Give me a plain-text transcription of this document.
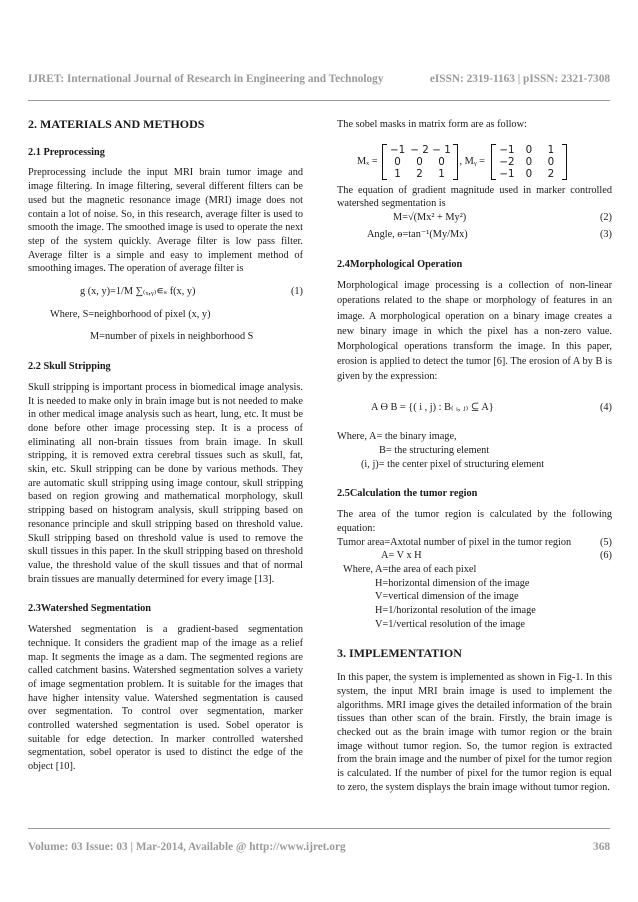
IJRET: International Journal of Research in Engineering and Technology	eISSN: 2319-1163 | pISSN: 2321-7308
2. MATERIALS AND METHODS
2.1 Preprocessing

Preprocessing include the input MRI brain tumor image and image filtering. In image filtering, several different filters can be used but the magnetic resonance image (MRI) image does not contain a lot of noise. So, in this research, average filter is used to smooth the image. The smoothed image is used to operate the next step of the system quickly. Average filter is low pass filter. Average filter is a simple and easy to implement method of smoothing images. The operation of average filter is

g (x, y)=1/M ∑₍ₓ,ᵧ₎∊ₛ f(x, y)	(1)
Where, S=neighborhood of pixel (x, y)
M=number of pixels in neighborhood S
2.2 Skull Stripping

Skull stripping is important process in biomedical image analysis. It is needed to make only in brain image but is not needed to make in other medical image analysis such as heart, lung, etc. It must be done before other image processing step. It is a process of eliminating all non-brain tissues from brain image. In skull stripping, it is removed extra cerebral tissues such as skull, fat, skin, etc. Skull stripping can be done by various methods. They are automatic skull stripping using image contour, skull stripping based on region growing and mathematical morphology, skull stripping based on histogram analysis, skull stripping based on resonance principle and skull stripping based on threshold value. Skull stripping based on threshold value is used to remove the skull tissues in this paper. In the skull stripping based on threshold value, the threshold value of the skull tissues and that of normal brain tissues are manually determined for every image [13].

2.3Watershed Segmentation

Watershed segmentation is a gradient-based segmentation technique. It considers the gradient map of the image as a relief map. It segments the image as a dam. The segmented regions are called catchment basins. Watershed segmentation solves a variety of image segmentation problem. It is suitable for the images that have higher intensity value. Watershed segmentation is caused over segmentation. To control over segmentation, marker controlled watershed segmentation is used. Sobel operator is suitable for edge detection. In marker controlled watershed segmentation, sobel operator is used to distinct the edge of the object [10].

The sobel masks in matrix form are as follow:

Mₓ =
−1	− 2	− 1
0	0	0
1	2	1
, Mᵧ =
−1	0	1
−2	0	0
−1	0	2

The equation of gradient magnitude used in marker controlled watershed segmentation is

M=√(Mx² + My²)	(2)
Angle, ɵ=tan⁻¹(My/Mx)	(3)
2.4Morphological Operation

Morphological image processing is a collection of non-linear operations related to the shape or morphology of features in an image. A morphological operation on a binary image creates a new binary image in which the pixel has a non-zero value. Morphological operations transform the image. In this paper, erosion is applied to detect the tumor [6]. The erosion of A by B is given by the expression:

A Ө B = {( i , j) : B₍ ᵢ, ⱼ₎ ⊆ A}	(4)
Where, A= the binary image,
B= the structuring element
(i, j)= the center pixel of structuring element
2.5Calculation the tumor region

The area of the tumor region is calculated by the following equation:

Tumor area=Axtotal number of pixel in the tumor region	(5)
A= V x H	(6)
Where, A=the area of each pixel
H=horizontal dimension of the image
V=vertical dimension of the image
H=1/horizontal resolution of the image
V=1/vertical resolution of the image
3. IMPLEMENTATION

In this paper, the system is implemented as shown in Fig-1. In this system, the input MRI brain image is used to implement the algorithms. MRI image gives the detailed information of the brain tissues than other scan of the brain. Firstly, the brain image is checked out as the brain image with tumor region or the brain image without tumor region. So, the tumor region is extracted from the brain image and the number of pixel for the tumor region is calculated. If the number of pixel for the tumor region is equal to zero, the system displays the brain image without tumor region.

Volume: 03 Issue: 03 | Mar-2014, Available @ http://www.ijret.org	368
